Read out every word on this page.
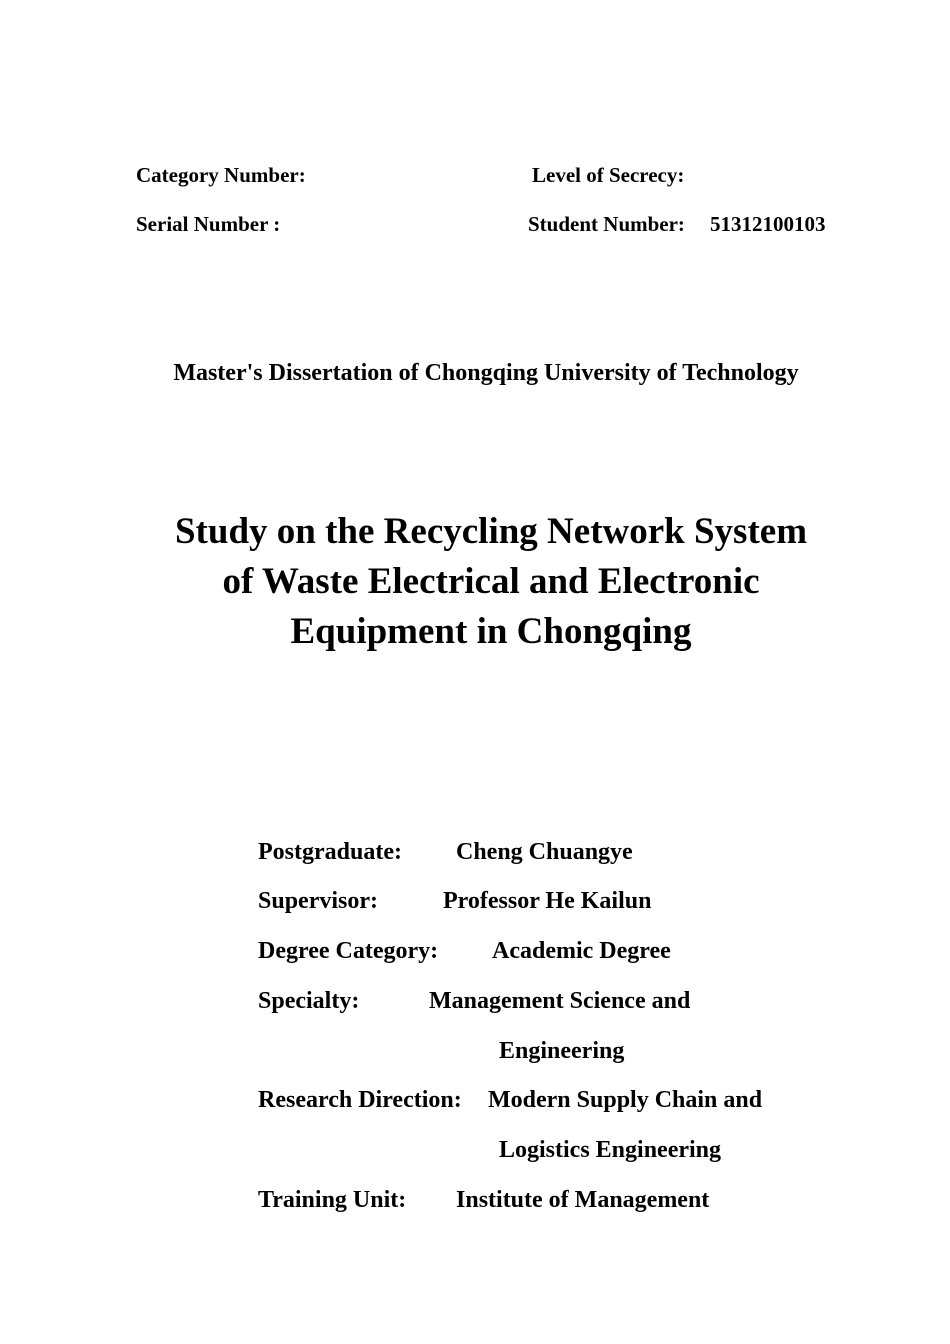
Category Number:	Level of Secrecy:
Serial Number :	Student Number: 51312100103
Master's Dissertation of Chongqing University of Technology
Study on the Recycling Network System
of Waste Electrical and Electronic
Equipment in Chongqing
Postgraduate: Cheng Chuangye
Supervisor:	Professor He Kailun
Degree Category: Academic Degree
Specialty:	Management Science and
Engineering
Research Direction: Modern Supply Chain and
Logistics Engineering
Training Unit: Institute of Management
